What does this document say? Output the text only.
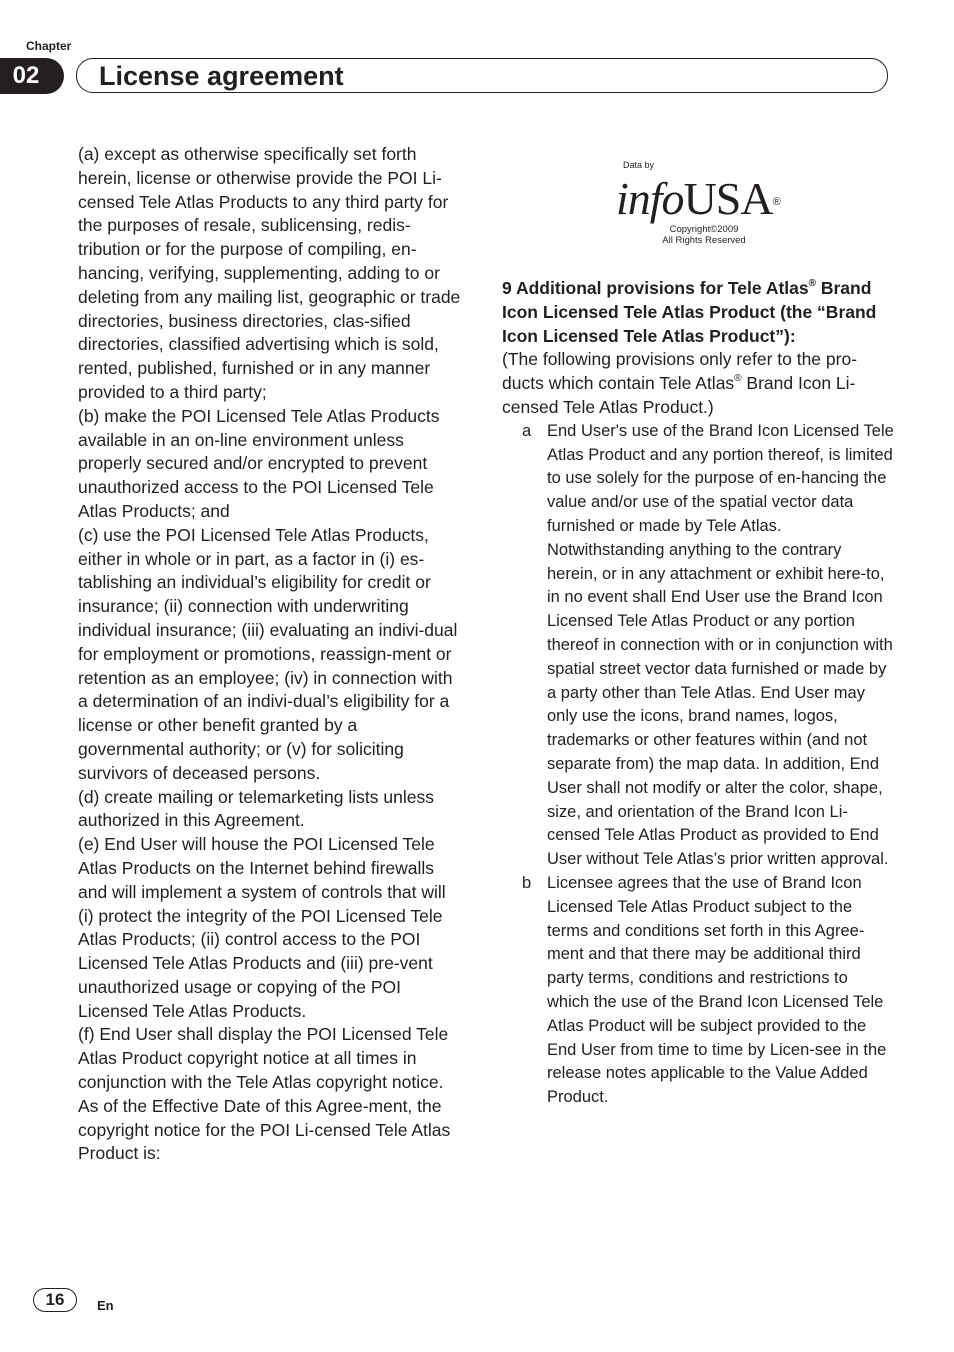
Chapter
02	License agreement

(a) except as otherwise specifically set forth herein, license or otherwise provide the POI Li-censed Tele Atlas Products to any third party for the purposes of resale, sublicensing, redis-tribution or for the purpose of compiling, en-hancing, verifying, supplementing, adding to or deleting from any mailing list, geographic or trade directories, business directories, clas-sified directories, classified advertising which is sold, rented, published, furnished or in any manner provided to a third party;

(b) make the POI Licensed Tele Atlas Products available in an on-line environment unless properly secured and/or encrypted to prevent unauthorized access to the POI Licensed Tele Atlas Products; and

(c) use the POI Licensed Tele Atlas Products, either in whole or in part, as a factor in (i) es-tablishing an individual’s eligibility for credit or insurance; (ii) connection with underwriting individual insurance; (iii) evaluating an indivi-dual for employment or promotions, reassign-ment or retention as an employee; (iv) in connection with a determination of an indivi-dual’s eligibility for a license or other benefit granted by a governmental authority; or (v) for soliciting survivors of deceased persons.

(d) create mailing or telemarketing lists unless authorized in this Agreement.

(e) End User will house the POI Licensed Tele Atlas Products on the Internet behind firewalls and will implement a system of controls that will (i) protect the integrity of the POI Licensed Tele Atlas Products; (ii) control access to the POI Licensed Tele Atlas Products and (iii) pre-vent unauthorized usage or copying of the POI Licensed Tele Atlas Products.

(f) End User shall display the POI Licensed Tele Atlas Product copyright notice at all times in conjunction with the Tele Atlas copyright notice. As of the Effective Date of this Agree-ment, the copyright notice for the POI Li-censed Tele Atlas Product is:

Data by
infoUSA®
Copyright©2009
All Rights Reserved
9 Additional provisions for Tele Atlas® Brand Icon Licensed Tele Atlas Product (the “Brand Icon Licensed Tele Atlas Product”):

(The following provisions only refer to the pro-ducts which contain Tele Atlas® Brand Icon Li-censed Tele Atlas Product.)

a End User's use of the Brand Icon Licensed Tele Atlas Product and any portion thereof, is limited to use solely for the purpose of en-hancing the value and/or use of the spatial vector data furnished or made by Tele Atlas. Notwithstanding anything to the contrary herein, or in any attachment or exhibit here-to, in no event shall End User use the Brand Icon Licensed Tele Atlas Product or any portion thereof in connection with or in conjunction with spatial street vector data furnished or made by a party other than Tele Atlas. End User may only use the icons, brand names, logos, trademarks or other features within (and not separate from) the map data. In addition, End User shall not modify or alter the color, shape, size, and orientation of the Brand Icon Li-censed Tele Atlas Product as provided to End User without Tele Atlas’s prior written approval.
b Licensee agrees that the use of Brand Icon Licensed Tele Atlas Product subject to the terms and conditions set forth in this Agree-ment and that there may be additional third party terms, conditions and restrictions to which the use of the Brand Icon Licensed Tele Atlas Product will be subject provided to the End User from time to time by Licen-see in the release notes applicable to the Value Added Product.
16	En
